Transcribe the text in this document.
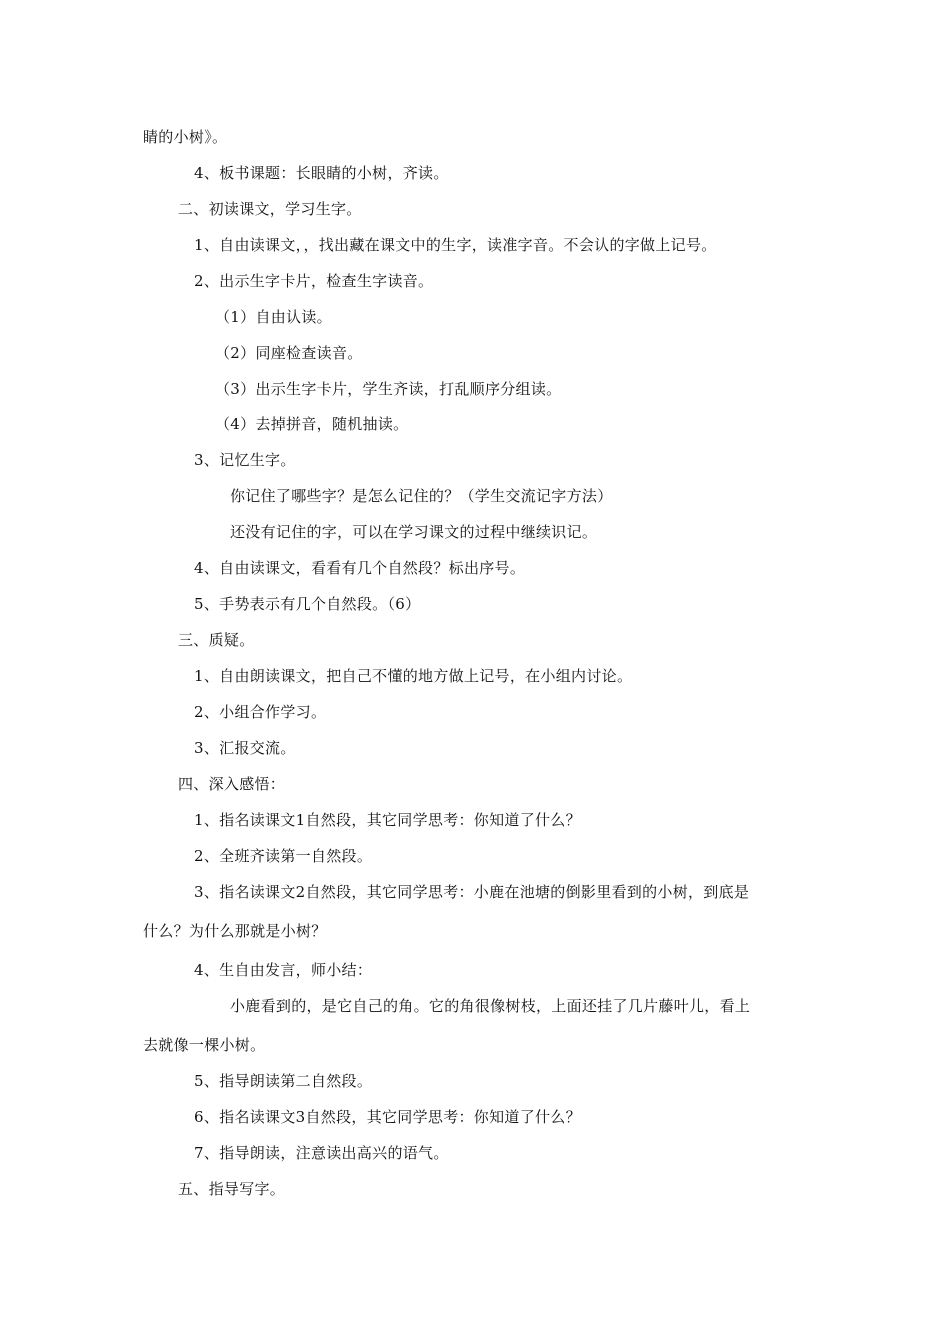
睛的小树》。
4、板书课题：长眼睛的小树，齐读。
二、初读课文，学习生字。
1、自由读课文，，找出藏在课文中的生字，读准字音。不会认的字做上记号。
2、出示生字卡片，检查生字读音。
（1）自由认读。
（2）同座检查读音。
（3）出示生字卡片，学生齐读，打乱顺序分组读。
（4）去掉拼音，随机抽读。
3、记忆生字。
你记住了哪些字？是怎么记住的？（学生交流记字方法）
还没有记住的字，可以在学习课文的过程中继续识记。
4、自由读课文，看看有几个自然段？标出序号。
5、手势表示有几个自然段。（6）
三、质疑。
1、自由朗读课文，把自己不懂的地方做上记号，在小组内讨论。
2、小组合作学习。
3、汇报交流。
四、深入感悟：
1、指名读课文1自然段，其它同学思考：你知道了什么？
2、全班齐读第一自然段。
3、指名读课文2自然段，其它同学思考：小鹿在池塘的倒影里看到的小树，到底是
什么？为什么那就是小树？
4、生自由发言，师小结：
小鹿看到的，是它自己的角。它的角很像树枝，上面还挂了几片藤叶儿，看上
去就像一棵小树。
5、指导朗读第二自然段。
6、指名读课文3自然段，其它同学思考：你知道了什么？
7、指导朗读，注意读出高兴的语气。
五、指导写字。
